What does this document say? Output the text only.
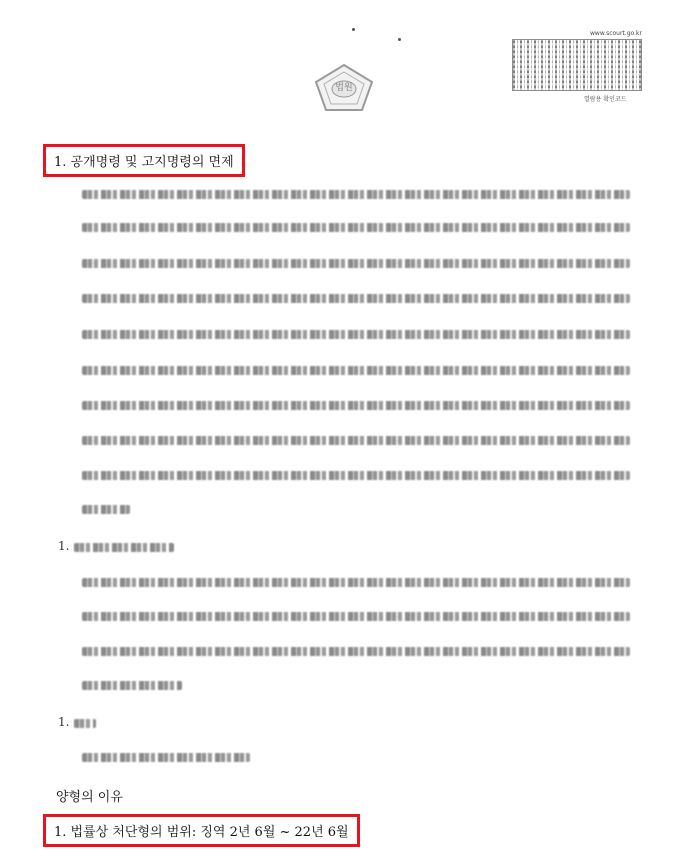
법원
www.scourt.go.kr
열람용 확인코드
1. 공개명령 및 고지명령의 면제
1.
1.
양형의 이유
1. 법률상 처단형의 범위: 징역 2년 6월 ~ 22년 6월
